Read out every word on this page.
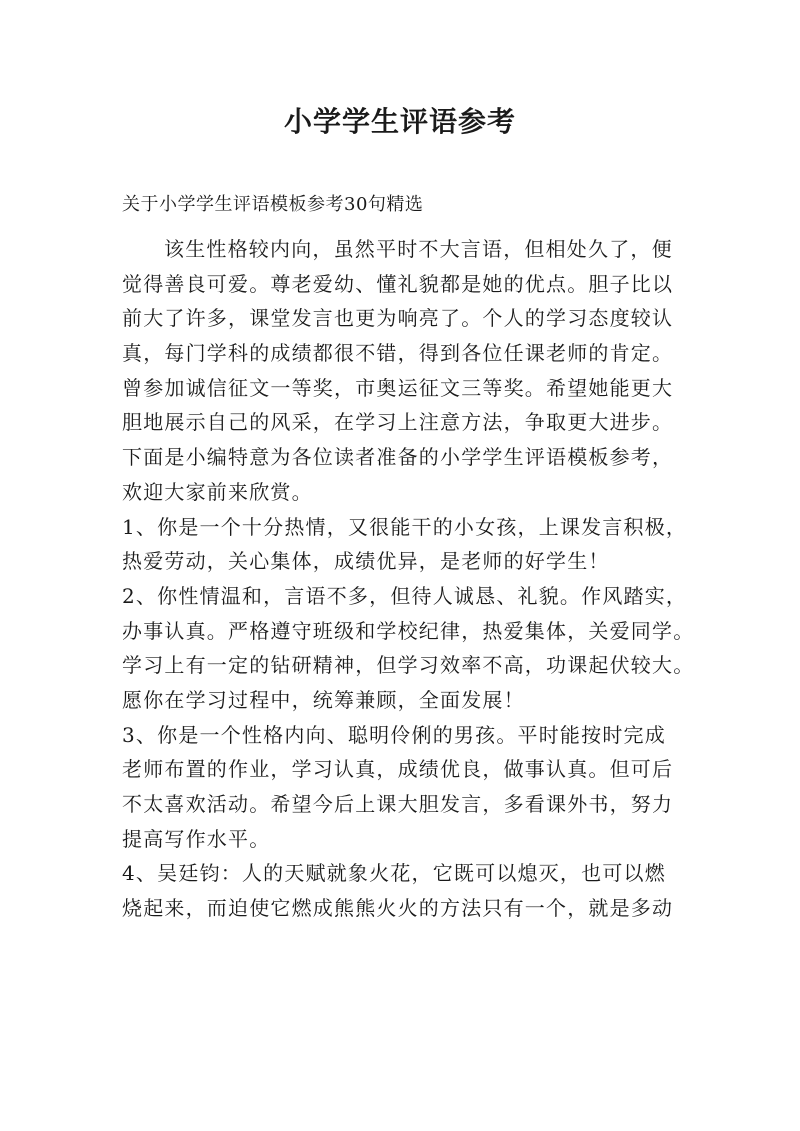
小学学生评语参考
关于小学学生评语模板参考30句精选
该生性格较内向，虽然平时不大言语，但相处久了，便
觉得善良可爱。尊老爱幼、懂礼貌都是她的优点。胆子比以
前大了许多，课堂发言也更为响亮了。个人的学习态度较认
真，每门学科的成绩都很不错，得到各位任课老师的肯定。
曾参加诚信征文一等奖，市奥运征文三等奖。希望她能更大
胆地展示自己的风采，在学习上注意方法，争取更大进步。
下面是小编特意为各位读者准备的小学学生评语模板参考，
欢迎大家前来欣赏。
1、你是一个十分热情，又很能干的小女孩，上课发言积极，
热爱劳动，关心集体，成绩优异，是老师的好学生！
2、你性情温和，言语不多，但待人诚恳、礼貌。作风踏实，
办事认真。严格遵守班级和学校纪律，热爱集体，关爱同学。
学习上有一定的钻研精神，但学习效率不高，功课起伏较大。
愿你在学习过程中，统筹兼顾，全面发展！
3、你是一个性格内向、聪明伶俐的男孩。平时能按时完成
老师布置的作业，学习认真，成绩优良，做事认真。但可后
不太喜欢活动。希望今后上课大胆发言，多看课外书，努力
提高写作水平。
4、吴廷钧：人的天赋就象火花，它既可以熄灭，也可以燃
烧起来，而迫使它燃成熊熊火火的方法只有一个，就是多动
